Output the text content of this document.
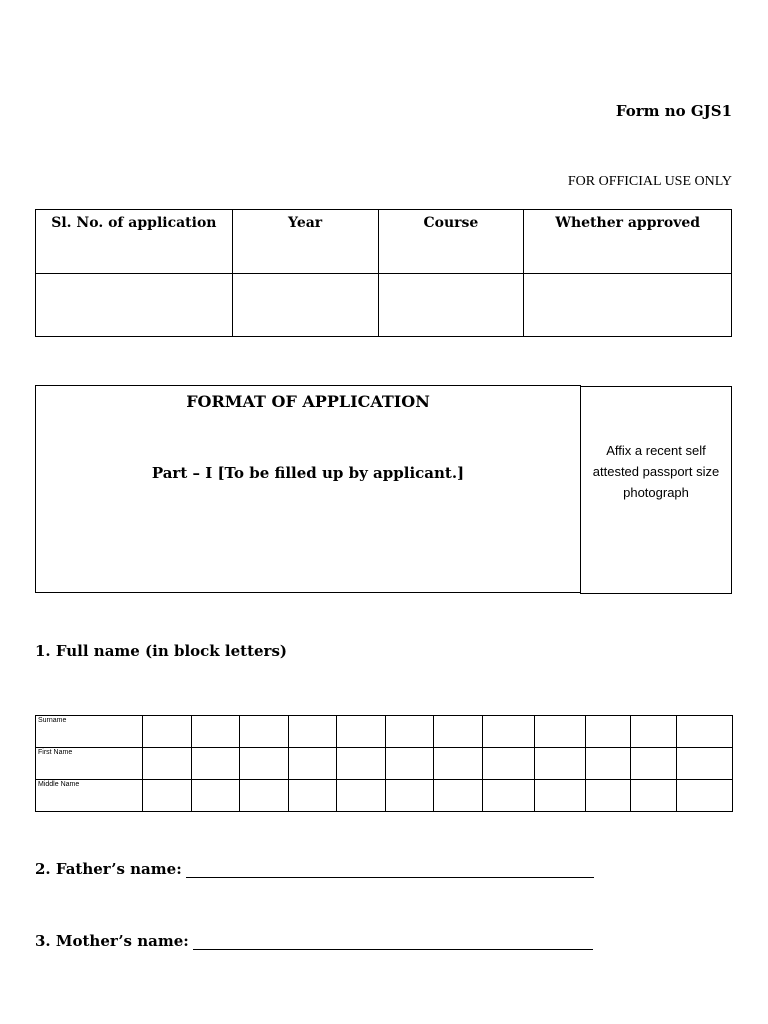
Form no GJS1
FOR OFFICIAL USE ONLY
Sl. No. of application	Year	Course	Whether approved

FORMAT OF APPLICATION
Part – I [To be filled up by applicant.]
Affix a recent self attested passport size photograph
1. Full name (in block letters)
Surname												
First Name												
Middle Name												
2. Father’s name:
3. Mother’s name:
